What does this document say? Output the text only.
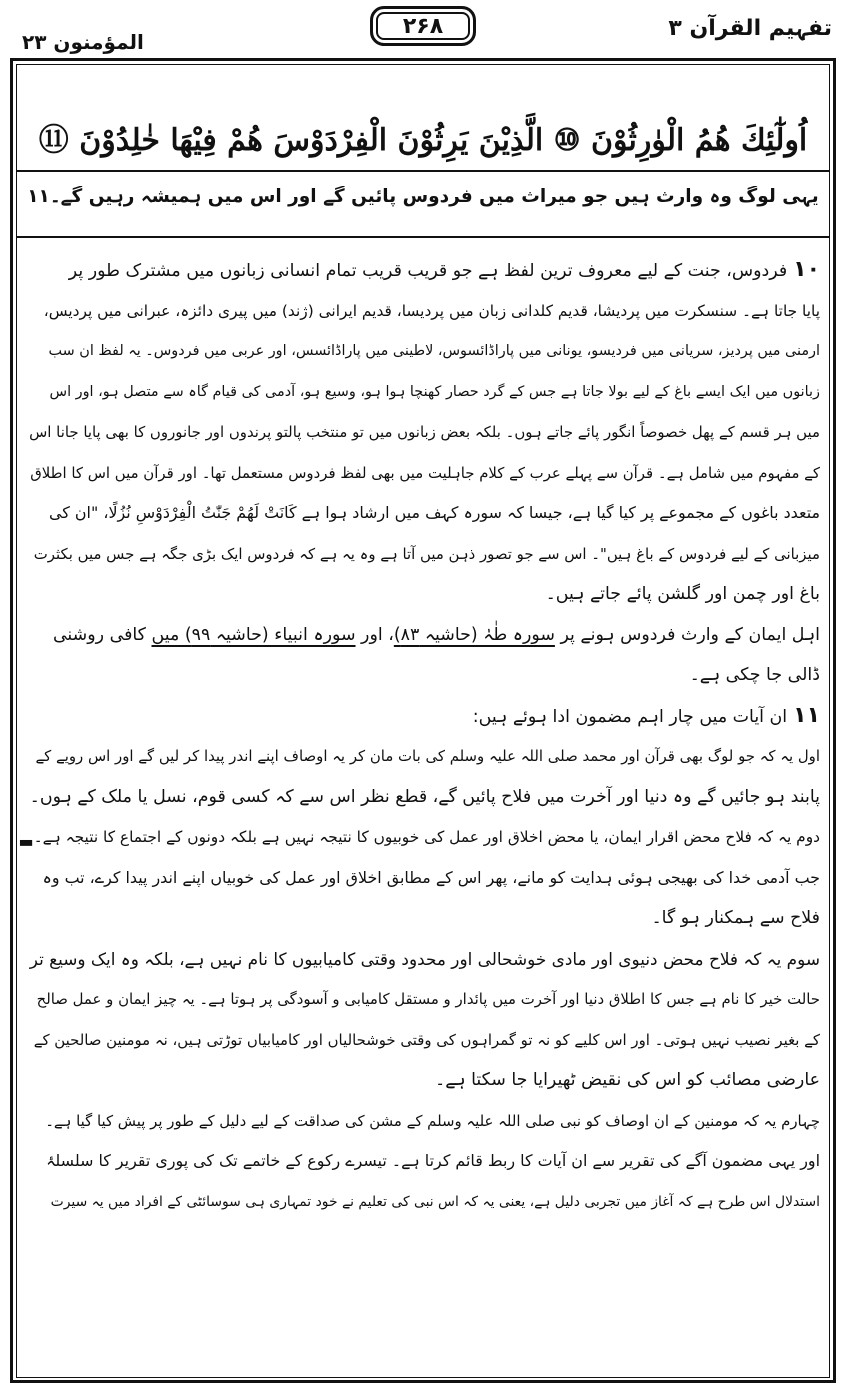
تفہیم القرآن ۳
۲۶۸
المؤمنون ۲۳
اُولٰٓئِكَ هُمُ الْوٰرِثُوْنَ ⑩ الَّذِيْنَ يَرِثُوْنَ الْفِرْدَوْسَ هُمْ فِيْهَا خٰلِدُوْنَ ⑪
یہی لوگ وہ وارث ہیں جو میراث میں فردوس پائیں گے اور اس میں ہمیشہ رہیں گے۔۱۱
▬
۱۰فردوس، جنت کے لیے معروف ترین لفظ ہے جو قریب قریب تمام انسانی زبانوں میں مشترک طور پر
پایا جاتا ہے۔ سنسکرت میں پردیشا، قدیم کلدانی زبان میں پردیسا، قدیم ایرانی (ژند) میں پیری دائزہ، عبرانی میں پردیس،
ارمنی میں پردیز، سریانی میں فردیسو، یونانی میں پاراڈائسوس، لاطینی میں پاراڈائسس، اور عربی میں فردوس۔ یہ لفظ ان سب
زبانوں میں ایک ایسے باغ کے لیے بولا جاتا ہے جس کے گرد حصار کھنچا ہوا ہو، وسیع ہو، آدمی کی قیام گاہ سے متصل ہو، اور اس
میں ہر قسم کے پھل خصوصاً انگور پائے جاتے ہوں۔ بلکہ بعض زبانوں میں تو منتخب پالتو پرندوں اور جانوروں کا بھی پایا جانا اس
کے مفہوم میں شامل ہے۔ قرآن سے پہلے عرب کے کلام جاہلیت میں بھی لفظ فردوس مستعمل تھا۔ اور قرآن میں اس کا اطلاق
متعدد باغوں کے مجموعے پر کیا گیا ہے، جیسا کہ سورہ کہف میں ارشاد ہوا ہے كَانَتْ لَهُمْ جَنّٰتُ الْفِرْدَوْسِ نُزُلًا، "ان کی
میزبانی کے لیے فردوس کے باغ ہیں"۔ اس سے جو تصور ذہن میں آتا ہے وہ یہ ہے کہ فردوس ایک بڑی جگہ ہے جس میں بکثرت
باغ اور چمن اور گلشن پائے جاتے ہیں۔
اہل ایمان کے وارث فردوس ہونے پر سورہ طٰہٰ (حاشیہ ۸۳)، اور سورہ انبیاء (حاشیہ ۹۹) میں کافی روشنی
ڈالی جا چکی ہے۔
۱۱ان آیات میں چار اہم مضمون ادا ہوئے ہیں:
اول یہ کہ جو لوگ بھی قرآن اور محمد صلی اللہ علیہ وسلم کی بات مان کر یہ اوصاف اپنے اندر پیدا کر لیں گے اور اس رویے کے
پابند ہو جائیں گے وہ دنیا اور آخرت میں فلاح پائیں گے، قطع نظر اس سے کہ کسی قوم، نسل یا ملک کے ہوں۔
دوم یہ کہ فلاح محض اقرار ایمان، یا محض اخلاق اور عمل کی خوبیوں کا نتیجہ نہیں ہے بلکہ دونوں کے اجتماع کا نتیجہ ہے۔
جب آدمی خدا کی بھیجی ہوئی ہدایت کو مانے، پھر اس کے مطابق اخلاق اور عمل کی خوبیاں اپنے اندر پیدا کرے، تب وہ
فلاح سے ہمکنار ہو گا۔
سوم یہ کہ فلاح محض دنیوی اور مادی خوشحالی اور محدود وقتی کامیابیوں کا نام نہیں ہے، بلکہ وہ ایک وسیع تر
حالت خیر کا نام ہے جس کا اطلاق دنیا اور آخرت میں پائدار و مستقل کامیابی و آسودگی پر ہوتا ہے۔ یہ چیز ایمان و عمل صالح
کے بغیر نصیب نہیں ہوتی۔ اور اس کلیے کو نہ تو گمراہوں کی وقتی خوشحالیاں اور کامیابیاں توڑتی ہیں، نہ مومنین صالحین کے
عارضی مصائب کو اس کی نقیض ٹھیرایا جا سکتا ہے۔
چہارم یہ کہ مومنین کے ان اوصاف کو نبی صلی اللہ علیہ وسلم کے مشن کی صداقت کے لیے دلیل کے طور پر پیش کیا گیا ہے۔
اور یہی مضمون آگے کی تقریر سے ان آیات کا ربط قائم کرتا ہے۔ تیسرے رکوع کے خاتمے تک کی پوری تقریر کا سلسلۂ
استدلال اس طرح ہے کہ آغاز میں تجربی دلیل ہے، یعنی یہ کہ اس نبی کی تعلیم نے خود تمہاری ہی سوسائٹی کے افراد میں یہ سیرت
